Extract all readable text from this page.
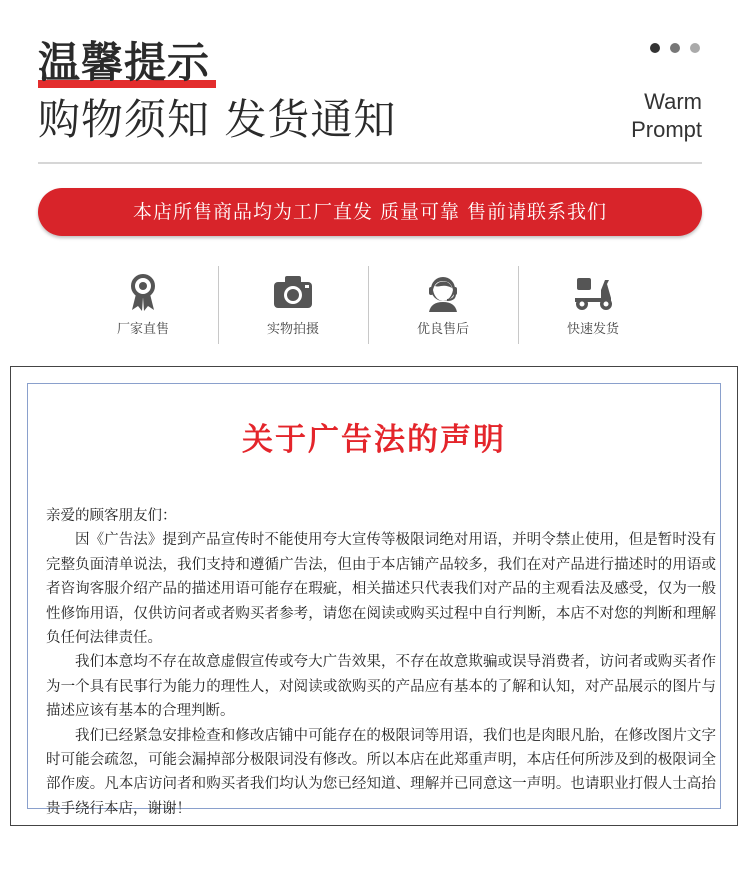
温馨提示
购物须知 发货通知	Warm
Prompt
本店所售商品均为工厂直发 质量可靠 售前请联系我们
厂家直售	实物拍摄	优良售后	快速发货
关于广告法的声明

亲爱的顾客朋友们：

因《广告法》提到产品宣传时不能使用夸大宣传等极限词绝对用语，并明令禁止使用，但是暂时没有完整负面清单说法，我们支持和遵循广告法，但由于本店铺产品较多，我们在对产品进行描述时的用语或者咨询客服介绍产品的描述用语可能存在瑕疵，相关描述只代表我们对产品的主观看法及感受，仅为一般性修饰用语，仅供访问者或者购买者参考，请您在阅读或购买过程中自行判断，本店不对您的判断和理解负任何法律责任。

我们本意均不存在故意虚假宣传或夸大广告效果，不存在故意欺骗或误导消费者，访问者或购买者作为一个具有民事行为能力的理性人，对阅读或欲购买的产品应有基本的了解和认知，对产品展示的图片与描述应该有基本的合理判断。

我们已经紧急安排检查和修改店铺中可能存在的极限词等用语，我们也是肉眼凡胎，在修改图片文字时可能会疏忽，可能会漏掉部分极限词没有修改。所以本店在此郑重声明，本店任何所涉及到的极限词全部作废。凡本店访问者和购买者我们均认为您已经知道、理解并已同意这一声明。也请职业打假人士高抬贵手绕行本店，谢谢！
